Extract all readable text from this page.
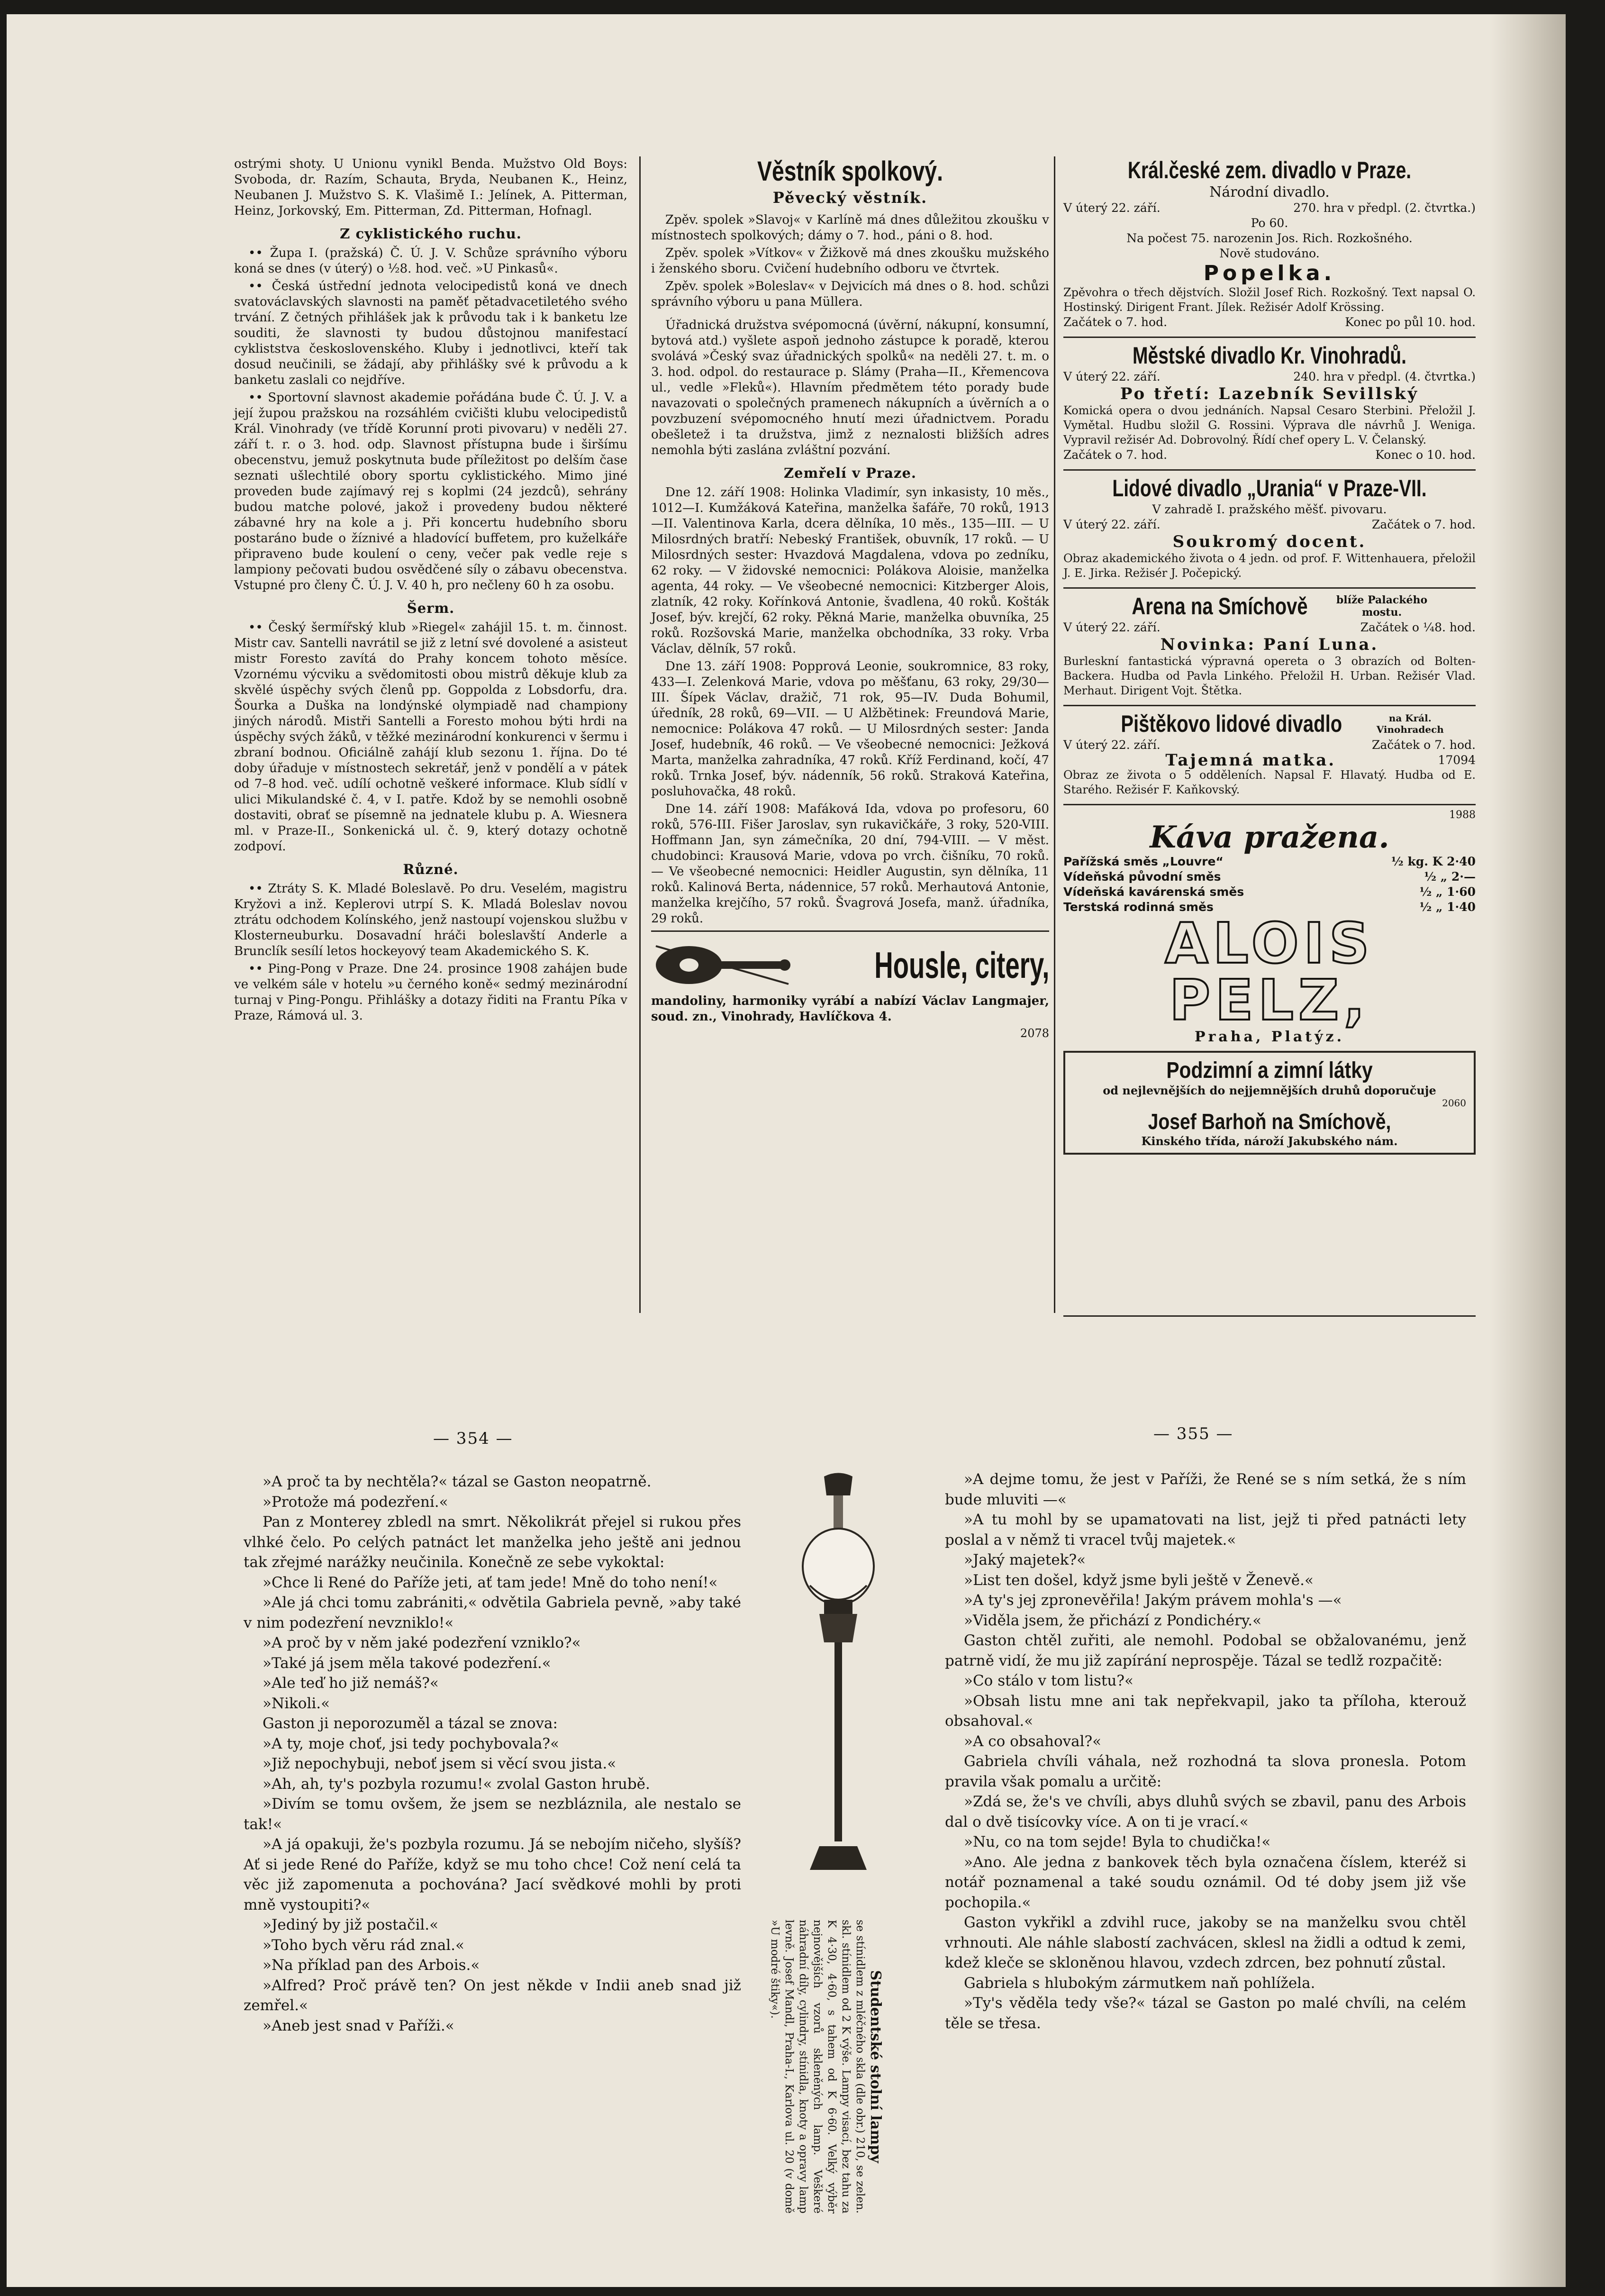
ostrými shoty. U Unionu vynikl Benda. Mužstvo Old Boys: Svoboda, dr. Razím, Schauta, Bryda, Neubanen K., Heinz, Neubanen J. Mužstvo S. K. Vlašimě I.: Jelínek, A. Pitterman, Heinz, Jorkovský, Em. Pitterman, Zd. Pitterman, Hofnagl.

Z cyklistického ruchu.

•• Župa I. (pražská) Č. Ú. J. V. Schůze správního výboru koná se dnes (v úterý) o ½8. hod. več. »U Pinkasů«.

•• Česká ústřední jednota velocipedistů koná ve dnech svatováclavských slavnosti na paměť pětadvacetiletého svého trvání. Z četných přihlášek jak k průvodu tak i k banketu lze souditi, že slavnosti ty budou důstojnou manifestací cykliststva československého. Kluby i jednotlivci, kteří tak dosud neučinili, se žádají, aby přihlášky své k průvodu a k banketu zaslali co nejdříve.

•• Sportovní slavnost akademie pořádána bude Č. Ú. J. V. a její župou pražskou na rozsáhlém cvičišti klubu velocipedistů Král. Vinohrady (ve třídě Korunní proti pivovaru) v neděli 27. září t. r. o 3. hod. odp. Slavnost přístupna bude i širšímu obecenstvu, jemuž poskytnuta bude příležitost po delším čase seznati ušlechtilé obory sportu cyklistického. Mimo jiné proveden bude zajímavý rej s koplmi (24 jezdců), sehrány budou matche polové, jakož i provedeny budou některé zábavné hry na kole a j. Při koncertu hudebního sboru postaráno bude o žíznivé a hladovící buffetem, pro kuželkáře připraveno bude koulení o ceny, večer pak vedle reje s lampiony pečovati budou osvědčené síly o zábavu obecenstva. Vstupné pro členy Č. Ú. J. V. 40 h, pro nečleny 60 h za osobu.

Šerm.

•• Český šermířský klub »Riegel« zahájil 15. t. m. činnost. Mistr cav. Santelli navrátil se již z letní své dovolené a asisteut mistr Foresto zavítá do Prahy koncem tohoto měsíce. Vzornému výcviku a svědomitosti obou mistrů děkuje klub za skvělé úspěchy svých členů pp. Goppolda z Lobsdorfu, dra. Šourka a Duška na londýnské olympiadě nad championy jiných národů. Mistři Santelli a Foresto mohou býti hrdi na úspěchy svých žáků, v těžké mezinárodní konkurenci v šermu i zbraní bodnou. Oficiálně zahájí klub sezonu 1. října. Do té doby úřaduje v místnostech sekretář, jenž v pondělí a v pátek od 7–8 hod. več. udílí ochotně veškeré informace. Klub sídlí v ulici Mikulandské č. 4, v I. patře. Kdož by se nemohli osobně dostaviti, obrať se písemně na jednatele klubu p. A. Wiesnera ml. v Praze-II., Sonkenická ul. č. 9, který dotazy ochotně zodpoví.

Různé.

•• Ztráty S. K. Mladé Boleslavě. Po dru. Veselém, magistru Kryžovi a inž. Keplerovi utrpí S. K. Mladá Boleslav novou ztrátu odchodem Kolínského, jenž nastoupí vojenskou službu v Klosterneuburku. Dosavadní hráči boleslavští Anderle a Brunclík sesílí letos hockeyový team Akademického S. K.

•• Ping-Pong v Praze. Dne 24. prosince 1908 zahájen bude ve velkém sále v hotelu »u černého koně« sedmý mezinárodní turnaj v Ping-Pongu. Přihlášky a dotazy řiditi na Frantu Píka v Praze, Rámová ul. 3.

Věstník spolkový.
Pěvecký věstník.

Zpěv. spolek »Slavoj« v Karlíně má dnes důležitou zkoušku v místnostech spolkových; dámy o 7. hod., páni o 8. hod.

Zpěv. spolek »Vítkov« v Žižkově má dnes zkoušku mužského i ženského sboru. Cvičení hudebního odboru ve čtvrtek.

Zpěv. spolek »Boleslav« v Dejvicích má dnes o 8. hod. schůzi správního výboru u pana Müllera.

Úřadnická družstva svépomocná (úvěrní, nákupní, konsumní, bytová atd.) vyšlete aspoň jednoho zástupce k poradě, kterou svolává »Český svaz úřadnických spolků« na neděli 27. t. m. o 3. hod. odpol. do restaurace p. Slámy (Praha—II., Křemencova ul., vedle »Fleků«). Hlavním předmětem této porady bude navazovati o společných pramenech nákupních a úvěrních a o povzbuzení svépomocného hnutí mezi úřadnictvem. Poradu obešletež i ta družstva, jimž z neznalosti bližších adres nemohla býti zaslána zvláštní pozvání.

Zemřelí v Praze.

Dne 12. září 1908: Holinka Vladimír, syn inkasisty, 10 měs., 1012—I. Kumžáková Kateřina, manželka šafáře, 70 roků, 1913—II. Valentinova Karla, dcera dělníka, 10 měs., 135—III. — U Milosrdných bratří: Nebeský František, obuvník, 17 roků. — U Milosrdných sester: Hvazdová Magdalena, vdova po zedníku, 62 roky. — V židovské nemocnici: Polákova Aloisie, manželka agenta, 44 roky. — Ve všeobecné nemocnici: Kitzberger Alois, zlatník, 42 roky. Kořínková Antonie, švadlena, 40 roků. Košták Josef, býv. krejčí, 62 roky. Pěkná Marie, manželka obuvníka, 25 roků. Rozšovská Marie, manželka obchodníka, 33 roky. Vrba Václav, dělník, 57 roků.

Dne 13. září 1908: Popprová Leonie, soukromnice, 83 roky, 433—I. Zelenková Marie, vdova po měšťanu, 63 roky, 29/30—III. Šípek Václav, dražič, 71 rok, 95—IV. Duda Bohumil, úředník, 28 roků, 69—VII. — U Alžbětinek: Freundová Marie, nemocnice: Polákova 47 roků. — U Milosrdných sester: Janda Josef, hudebník, 46 roků. — Ve všeobecné nemocnici: Ježková Marta, manželka zahradníka, 47 roků. Kříž Ferdinand, kočí, 47 roků. Trnka Josef, býv. nádenník, 56 roků. Straková Kateřina, posluhovačka, 48 roků.

Dne 14. září 1908: Mafáková Ida, vdova po profesoru, 60 roků, 576-III. Fišer Jaroslav, syn rukavičkáře, 3 roky, 520-VIII. Hoffmann Jan, syn zámečníka, 20 dní, 794-VIII. — V měst. chudobinci: Krausová Marie, vdova po vrch. čišníku, 70 roků. — Ve všeobecné nemocnici: Heidler Augustin, syn dělníka, 11 roků. Kalinová Berta, nádennice, 57 roků. Merhautová Antonie, manželka krejčího, 57 roků. Švagrová Josefa, manž. úřadníka, 29 roků.

Housle, citery,

mandoliny, harmoniky vyrábí a nabízí Václav Langmajer, soud. zn., Vinohrady, Havlíčkova 4.

2078
Král.české zem. divadlo v Praze.
Národní divadlo.
V úterý 22. září.	270. hra v předpl. (2. čtvrtka.)
Po 60.
Na počest 75. narozenin Jos. Rich. Rozkošného.
Nově studováno.
Popelka.
Zpěvohra o třech dějstvích. Složil Josef Rich. Rozkošný. Text napsal O. Hostinský. Dirigent Frant. Jílek. Režisér Adolf Krössing.
Začátek o 7. hod.	Konec po půl 10. hod.
Městské divadlo Kr. Vinohradů.
V úterý 22. září.	240. hra v předpl. (4. čtvrtka.)
Po třetí: Lazebník Sevillský
Komická opera o dvou jednáních. Napsal Cesaro Sterbini. Přeložil J. Vymětal. Hudbu složil G. Rossini. Výprava dle návrhů J. Weniga. Vypravil režisér Ad. Dobrovolný. Řídí chef opery L. V. Čelanský.
Začátek o 7. hod.	Konec o 10. hod.
Lidové divadlo „Urania“ v Praze-VII.
V zahradě I. pražského měšť. pivovaru.
V úterý 22. září.	Začátek o 7. hod.
Soukromý docent.
Obraz akademického života o 4 jedn. od prof. F. Wittenhauera, přeložil J. E. Jirka. Režisér J. Počepický.
Arena na Smíchově	blíže Palackého mostu.
V úterý 22. září.	Začátek o ¼8. hod.
Novinka: Paní Luna.
Burleskní fantastická výpravná opereta o 3 obrazích od Bolten-Backera. Hudba od Pavla Linkého. Přeložil H. Urban. Režisér Vlad. Merhaut. Dirigent Vojt. Štětka.
Pištěkovo lidové divadlo	na Král. Vinohradech
V úterý 22. září.	Začátek o 7. hod.
Tajemná matka.	17094
Obraz ze života o 5 odděleních. Napsal F. Hlavatý. Hudba od E. Starého. Režisér F. Kaňkovský.
1988
Káva pražena.
Pařížská směs „Louvre“	½ kg. K 2·40
Vídeňská původní směs	½ „ 2·—
Vídeňská kavárenská směs	½ „ 1·60
Terstská rodinná směs	½ „ 1·40
ALOIS PELZ,
Praha, Platýz.
Podzimní a zimní látky
od nejlevnějších do nejjemnějších druhů doporučuje
2060
Josef Barhoň na Smíchově,
Kinského třída, nároží Jakubského nám.
— 354 —	— 355 —

»A proč ta by nechtěla?« tázal se Gaston neopatrně.

»Protože má podezření.«

Pan z Monterey zbledl na smrt. Několikrát přejel si rukou přes vlhké čelo. Po celých patnáct let manželka jeho ještě ani jednou tak zřejmé narážky neučinila. Konečně ze sebe vykoktal:

»Chce li René do Paříže jeti, ať tam jede! Mně do toho není!«

»Ale já chci tomu zabrániti,« odvětila Gabriela pevně, »aby také v nim podezření nevzniklo!«

»A proč by v něm jaké podezření vzniklo?«

»Také já jsem měla takové podezření.«

»Ale teď ho již nemáš?«

»Nikoli.«

Gaston ji neporozuměl a tázal se znova:

»A ty, moje choť, jsi tedy pochybovala?«

»Již nepochybuji, neboť jsem si věcí svou jista.«

»Ah, ah, ty's pozbyla rozumu!« zvolal Gaston hrubě.

»Divím se tomu ovšem, že jsem se nezbláznila, ale nestalo se tak!«

»A já opakuji, že's pozbyla rozumu. Já se nebojím ničeho, slyšíš? Ať si jede René do Paříže, když se mu toho chce! Což není celá ta věc již zapomenuta a pochována? Jací svědkové mohli by proti mně vystoupiti?«

»Jediný by již postačil.«

»Toho bych věru rád znal.«

»Na příklad pan des Arbois.«

»Alfred? Proč právě ten? On jest někde v Indii aneb snad již zemřel.«

»Aneb jest snad v Paříži.«	Studentské stolní lampy
se stínidlem z mléčného skla (dle obr.) 210, se zelen. skl. stínidlem od 2 K výše. Lampy visací, bez tahu za K 4·30, 4·60, s tahem od K 6·60. Velký výběr nejnovějších vzorů skleněných lamp. Veškeré náhradní díly, cylindry, stínidla, knoty a opravy lamp levně. Josef Mandl, Praha-I., Karlova ul. 20 (v domě »U modré štiky«).

»A dejme tomu, že jest v Paříži, že René se s ním setká, že s ním bude mluviti —«

»A tu mohl by se upamatovati na list, jejž ti před patnácti lety poslal a v němž ti vracel tvůj majetek.«

»Jaký majetek?«

»List ten došel, když jsme byli ještě v Ženevě.«

»A ty's jej zpronevěřila! Jakým právem mohla's —«

»Viděla jsem, že přichází z Pondichéry.«

Gaston chtěl zuřiti, ale nemohl. Podobal se obžalovanému, jenž patrně vidí, že mu již zapírání neprospěje. Tázal se tedlž rozpačitě:

»Co stálo v tom listu?«

»Obsah listu mne ani tak nepřekvapil, jako ta příloha, kterouž obsahoval.«

»A co obsahoval?«

Gabriela chvíli váhala, než rozhodná ta slova pronesla. Potom pravila však pomalu a určitě:

»Zdá se, že's ve chvíli, abys dluhů svých se zbavil, panu des Arbois dal o dvě tisícovky více. A on ti je vrací.«

»Nu, co na tom sejde! Byla to chudička!«

»Ano. Ale jedna z bankovek těch byla označena číslem, kteréž si notář poznamenal a také soudu oznámil. Od té doby jsem již vše pochopila.«

Gaston vykřikl a zdvihl ruce, jakoby se na manželku svou chtěl vrhnouti. Ale náhle slabostí zachvácen, sklesl na židli a odtud k zemi, kdež kleče se skloněnou hlavou, vzdech zdrcen, bez pohnutí zůstal.

Gabriela s hlubokým zármutkem naň pohlížela.

»Ty's věděla tedy vše?« tázal se Gaston po malé chvíli, na celém těle se třesa.
